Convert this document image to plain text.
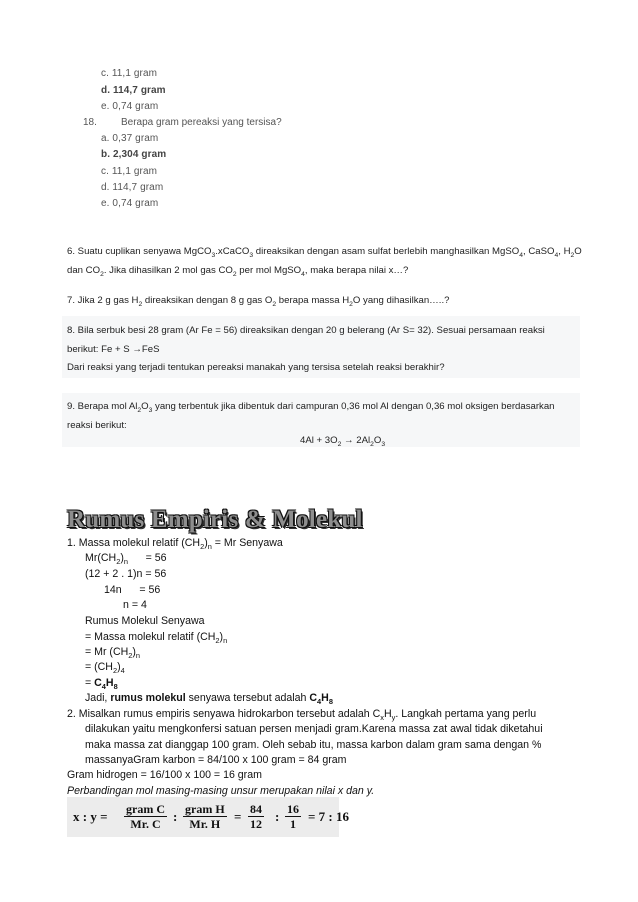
c. 11,1 gram
d. 114,7 gram
e. 0,74 gram
18. Berapa gram pereaksi yang tersisa?
a. 0,37 gram
b. 2,304 gram
c. 11,1 gram
d. 114,7 gram
e. 0,74 gram
6. Suatu cuplikan senyawa MgCO$_3$.xCaCO$_3$ direaksikan dengan asam sulfat berlebih manghasilkan MgSO$_4$, CaSO$_4$, $H_2O$
dan $CO_2$. Jika dihasilkan 2 mol gas $CO_2$ per mol MgSO$_4$, maka berapa nilai x…?
7. Jika 2 g gas $H_2$ direaksikan dengan 8 g gas $O_2$ berapa massa $H_2O$ yang dihasilkan…..?
8. Bila serbuk besi 28 gram (Ar Fe = 56) direaksikan dengan 20 g belerang (Ar S= 32). Sesuai persamaan reaksi
berikut: Fe + S →FeS
Dari reaksi yang terjadi tentukan pereaksi manakah yang tersisa setelah reaksi berakhir?
9. Berapa mol $Al_2O_3$ yang terbentuk jika dibentuk dari campuran 0,36 mol Al dengan 0,36 mol oksigen berdasarkan
reaksi berikut:
$4Al + 3O_2 \to 2Al_2O_3$
Rumus Empiris & Molekul
1. Massa molekul relatif $(CH_2)_n = Mr$ Senyawa
$Mr(CH_2)_n$      = 56
(12 + 2 . 1)n = 56
14n      = 56
n = 4
Rumus Molekul Senyawa
= Massa molekul relatif $(CH_2)_n$
= Mr $(CH_2)_n$
= $(CH_2)_4$
= $C_4H_8$
Jadi, rumus molekul senyawa tersebut adalah $C_4H_8$
2. Misalkan rumus empiris senyawa hidrokarbon tersebut adalah $C_xH_y$. Langkah pertama yang perlu
dilakukan yaitu mengkonfersi satuan persen menjadi gram.Karena massa zat awal tidak diketahui
maka massa zat dianggap 100 gram. Oleh sebab itu, massa karbon dalam gram sama dengan %
massanyaGram karbon = 84/100 x 100 gram = 84 gram
Gram hidrogen = 16/100 x 100 = 16 gram
Perbandingan mol masing-masing unsur merupakan nilai x dan y.
x : y = gram C
Mr. C : gram H
Mr. H	= $\frac{84}{12}$ : $\frac{16}{1} = 7$ : 16
